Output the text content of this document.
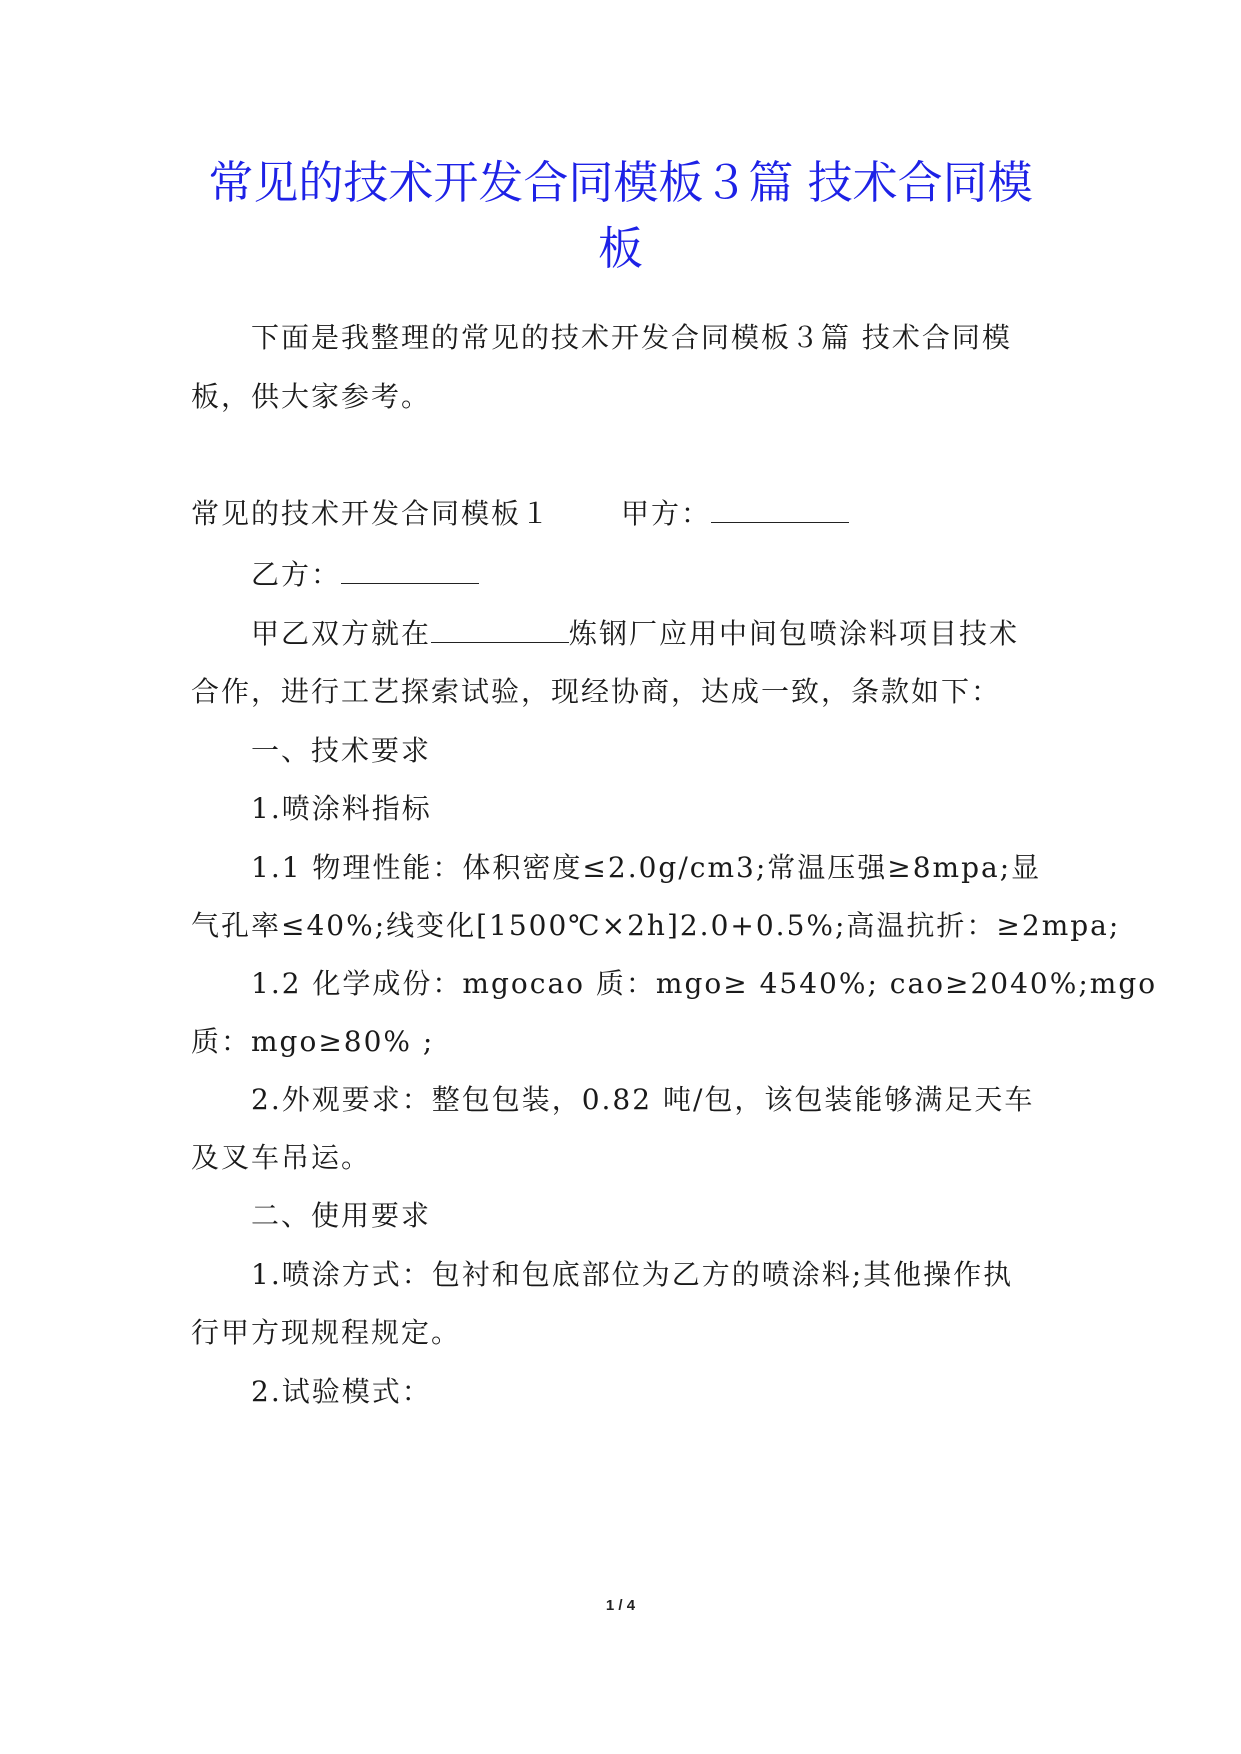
常见的技术开发合同模板３篇 技术合同模
板
下面是我整理的常见的技术开发合同模板３篇 技术合同模
板，供大家参考。
常见的技术开发合同模板１	甲方：
乙方：
甲乙双方就在	炼钢厂应用中间包喷涂料项目技术
合作，进行工艺探索试验，现经协商，达成一致，条款如下：
一、技术要求
1.喷涂料指标
1.1 物理性能：体积密度≤2.0g/cm3;常温压强≥8mpa;显
气孔率≤40%;线变化[1500℃×2h]2.0+0.5%;高温抗折：≥2mpa;
1.2 化学成份：mgocao 质：mgo≥ 4540%; cao≥2040%;mgo
质：mgo≥80% ;
2.外观要求：整包包装，0.82 吨/包，该包装能够满足天车
及叉车吊运。
二、使用要求
1.喷涂方式：包衬和包底部位为乙方的喷涂料;其他操作执
行甲方现规程规定。
2.试验模式：
1 / 4
